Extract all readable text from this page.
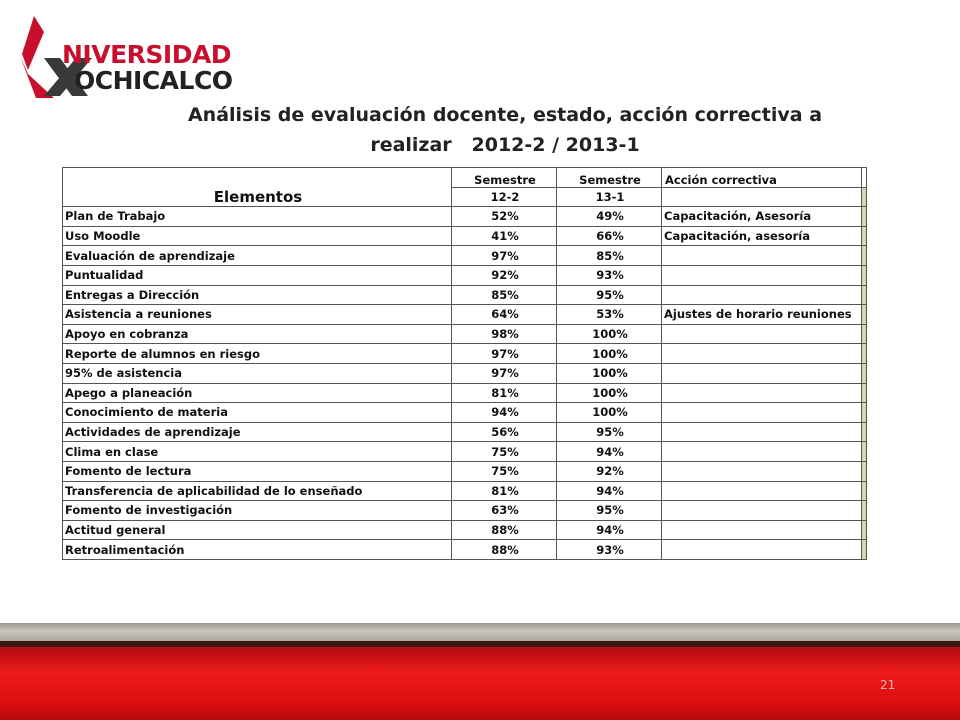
NIVERSIDAD
OCHICALCO
Análisis de evaluación docente, estado, acción correctiva a
realizar   2012-2 / 2013-1
Elementos	Semestre	Semestre	Acción correctiva	
	12-2	13-1		
Plan de Trabajo	52%	49%	Capacitación, Asesoría	
Uso Moodle	41%	66%	Capacitación, asesoría	
Evaluación de aprendizaje	97%	85%		
Puntualidad	92%	93%		
Entregas a Dirección	85%	95%		
Asistencia a reuniones	64%	53%	Ajustes de horario reuniones	
Apoyo en cobranza	98%	100%		
Reporte de alumnos en riesgo	97%	100%		
95% de asistencia	97%	100%		
Apego a planeación	81%	100%		
Conocimiento de materia	94%	100%		
Actividades de aprendizaje	56%	95%		
Clima en clase	75%	94%		
Fomento de lectura	75%	92%		
Transferencia de aplicabilidad de lo enseñado	81%	94%		
Fomento de investigación	63%	95%		
Actitud general	88%	94%		
Retroalimentación	88%	93%		
21
